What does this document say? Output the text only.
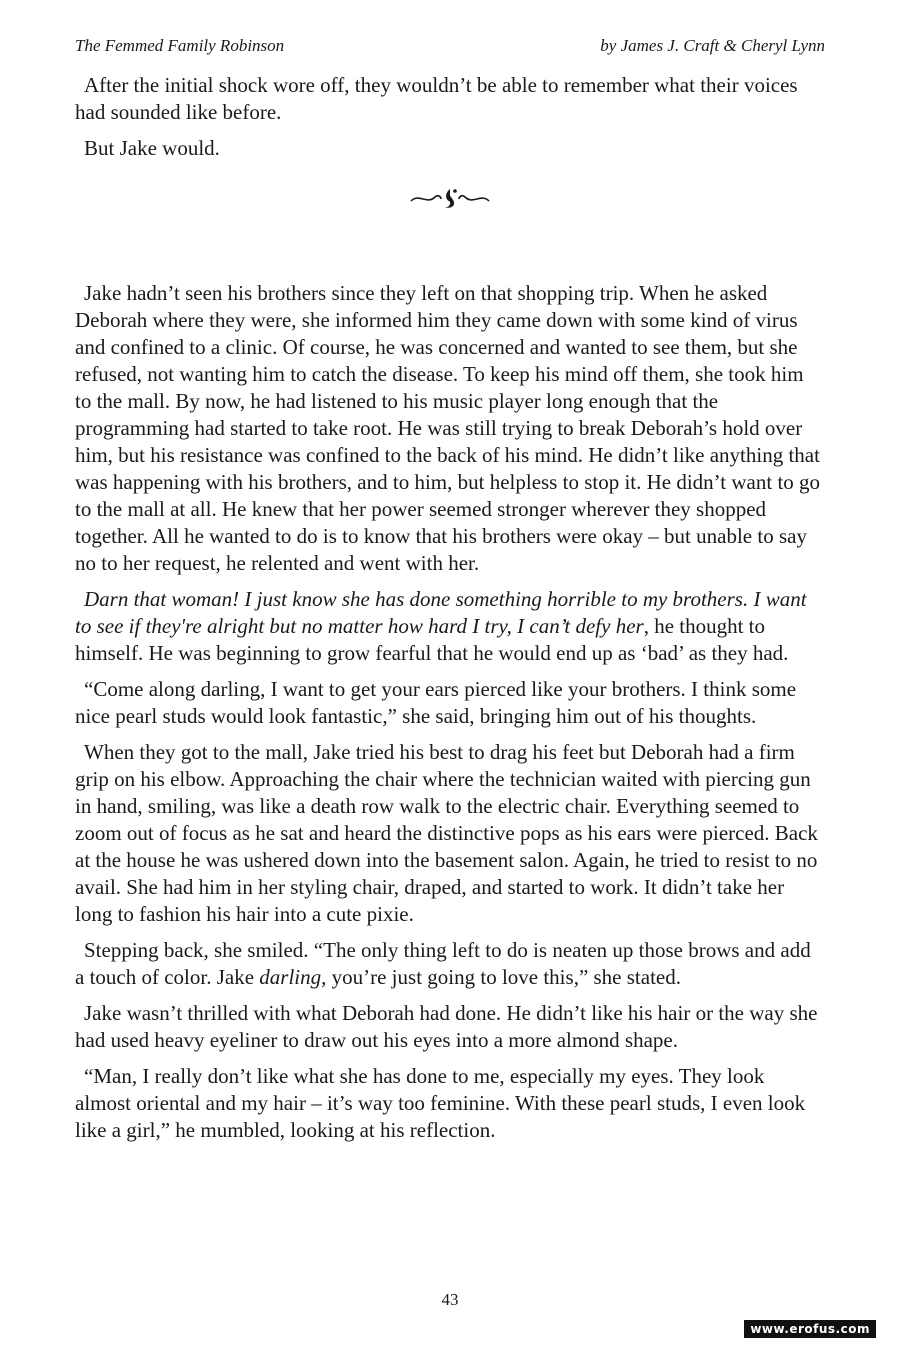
The Femmed Family Robinson	by James J. Craft & Cheryl Lynn

After the initial shock wore off, they wouldn’t be able to remember what their voices had sounded like before.

But Jake would.

Jake hadn’t seen his brothers since they left on that shopping trip. When he asked Deborah where they were, she informed him they came down with some kind of virus and confined to a clinic. Of course, he was concerned and wanted to see them, but she refused, not wanting him to catch the disease. To keep his mind off them, she took him to the mall. By now, he had listened to his music player long enough that the programming had started to take root. He was still trying to break Deborah’s hold over him, but his resistance was confined to the back of his mind. He didn’t like anything that was happening with his brothers, and to him, but helpless to stop it. He didn’t want to go to the mall at all. He knew that her power seemed stronger wherever they shopped together. All he wanted to do is to know that his brothers were okay – but unable to say no to her request, he relented and went with her.

Darn that woman! I just know she has done something horrible to my brothers. I want to see if they're alright but no matter how hard I try, I can’t defy her, he thought to himself. He was beginning to grow fearful that he would end up as ‘bad’ as they had.

“Come along darling, I want to get your ears pierced like your brothers. I think some nice pearl studs would look fantastic,” she said, bringing him out of his thoughts.

When they got to the mall, Jake tried his best to drag his feet but Deborah had a firm grip on his elbow. Approaching the chair where the technician waited with piercing gun in hand, smiling, was like a death row walk to the electric chair. Everything seemed to zoom out of focus as he sat and heard the distinctive pops as his ears were pierced. Back at the house he was ushered down into the basement salon. Again, he tried to resist to no avail. She had him in her styling chair, draped, and started to work. It didn’t take her long to fashion his hair into a cute pixie.

Stepping back, she smiled. “The only thing left to do is neaten up those brows and add a touch of color. Jake darling, you’re just going to love this,” she stated.

Jake wasn’t thrilled with what Deborah had done. He didn’t like his hair or the way she had used heavy eyeliner to draw out his eyes into a more almond shape.

“Man, I really don’t like what she has done to me, especially my eyes. They look almost oriental and my hair – it’s way too feminine. With these pearl studs, I even look like a girl,” he mumbled, looking at his reflection.

43
www.erofus.com
